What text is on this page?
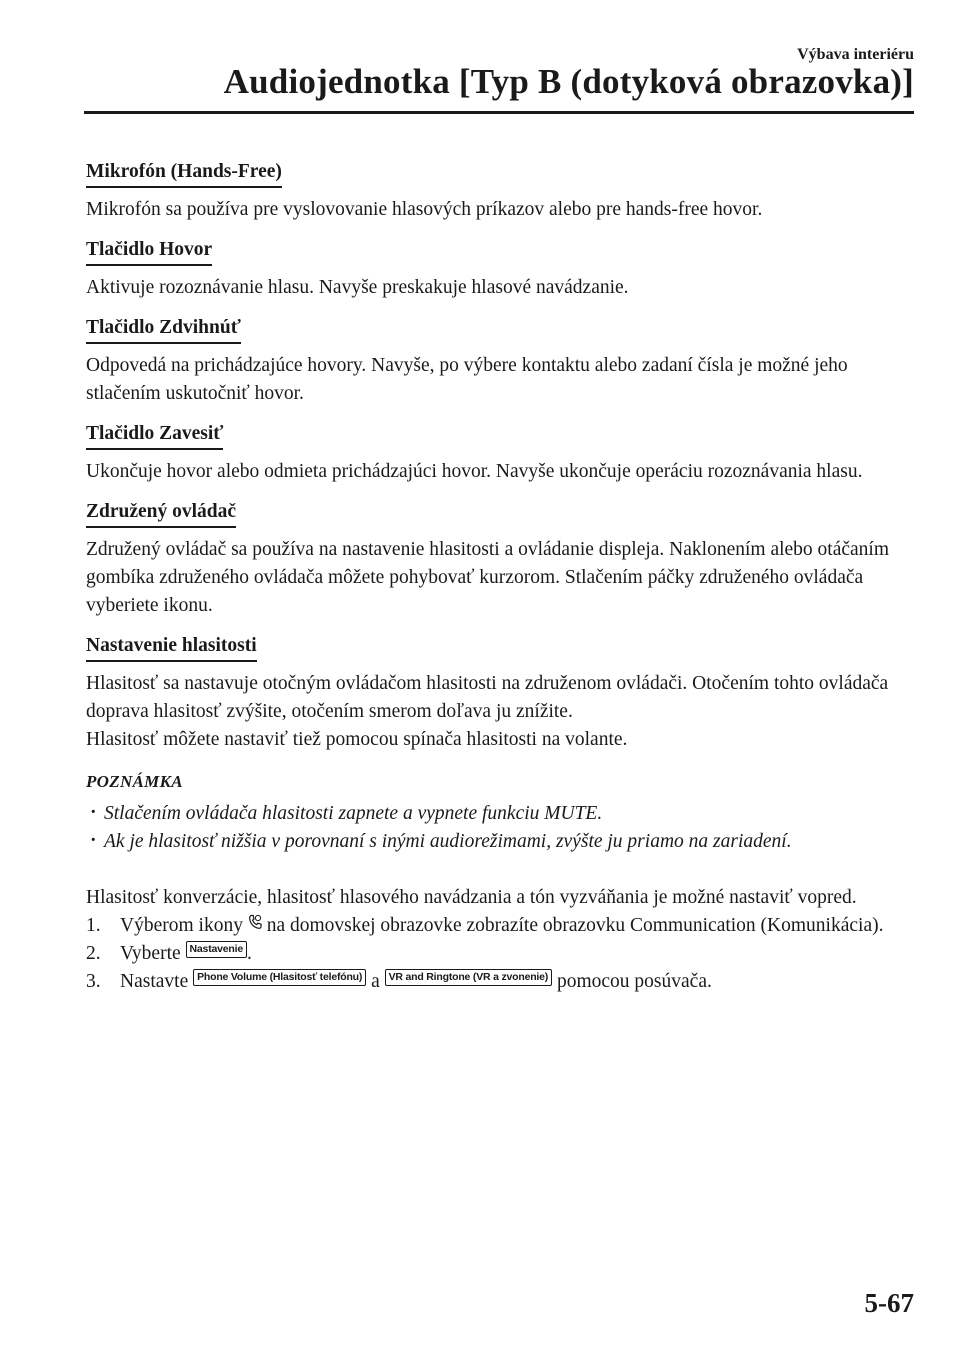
Výbava interiéru
Audiojednotka [Typ B (dotyková obrazovka)]
Mikrofón (Hands-Free)

Mikrofón sa používa pre vyslovovanie hlasových príkazov alebo pre hands-free hovor.

Tlačidlo Hovor

Aktivuje rozoznávanie hlasu. Navyše preskakuje hlasové navádzanie.

Tlačidlo Zdvihnúť

Odpovedá na prichádzajúce hovory. Navyše, po výbere kontaktu alebo zadaní čísla je možné jeho stlačením uskutočniť hovor.

Tlačidlo Zavesiť

Ukončuje hovor alebo odmieta prichádzajúci hovor. Navyše ukončuje operáciu rozoznávania hlasu.

Združený ovládač

Združený ovládač sa používa na nastavenie hlasitosti a ovládanie displeja. Naklonením alebo otáčaním gombíka združeného ovládača môžete pohybovať kurzorom. Stlačením páčky združeného ovládača vyberiete ikonu.

Nastavenie hlasitosti

Hlasitosť sa nastavuje otočným ovládačom hlasitosti na združenom ovládači. Otočením tohto ovládača doprava hlasitosť zvýšite, otočením smerom doľava ju znížite.

Hlasitosť môžete nastaviť tiež pomocou spínača hlasitosti na volante.

POZNÁMKA
· Stlačením ovládača hlasitosti zapnete a vypnete funkciu MUTE.
· Ak je hlasitosť nižšia v porovnaní s inými audiorežimami, zvýšte ju priamo na zariadení.

Hlasitosť konverzácie, hlasitosť hlasového navádzania a tón vyzváňania je možné nastaviť vopred.

1. Výberom ikony na domovskej obrazovke zobrazíte obrazovku Communication (Komunikácia).
2. Vyberte Nastavenie .
3. Nastavte Phone Volume (Hlasitosť telefónu) a VR and Ringtone (VR a zvonenie) pomocou posúvača.
5-67
